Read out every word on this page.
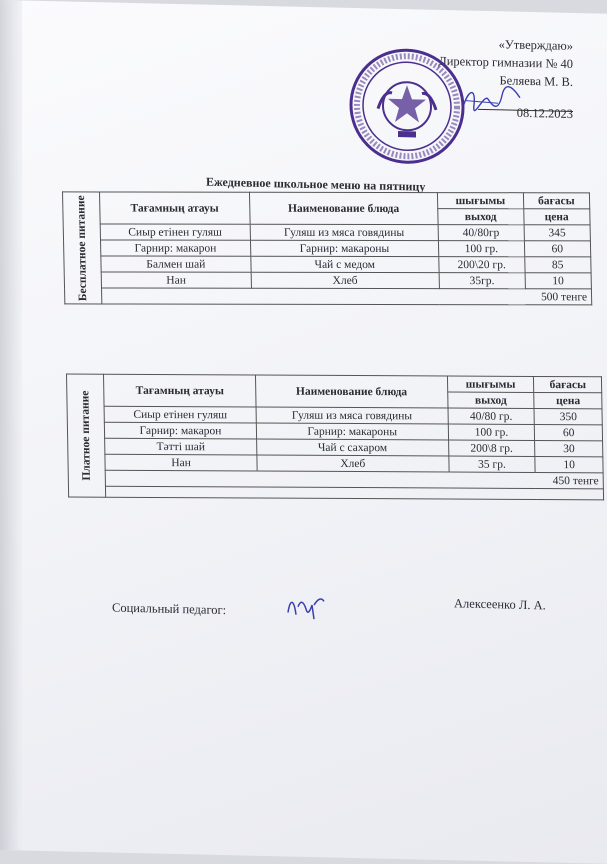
«Утверждаю»
Директор гимназии № 40
Беляева М. В.
08.12.2023
Ежедневное школьное меню на пятницу
Бесплатное питание	Тағамның атауы	Наименование блюда	шығымы	бағасы
			выход	цена
	Сиыр етінен гуляш	Гуляш из мяса говядины	40/80гр	345
	Гарнир: макарон	Гарнир: макароны	100 гр.	60
	Балмен шай	Чай с медом	200\20 гр.	85
	Нан	Хлеб	35гр.	10
	500 тенге			
Платное питание	Тағамның атауы	Наименование блюда	шығымы	бағасы
			выход	цена
	Сиыр етінен гуляш	Гуляш из мяса говядины	40/80 гр.	350
	Гарнир: макарон	Гарнир: макароны	100 гр.	60
	Тәтті шай	Чай с сахаром	200\8 гр.	30
	Нан	Хлеб	35 гр.	10
	450 тенге			

Социальный педагог:	Алексеенко Л. А.
